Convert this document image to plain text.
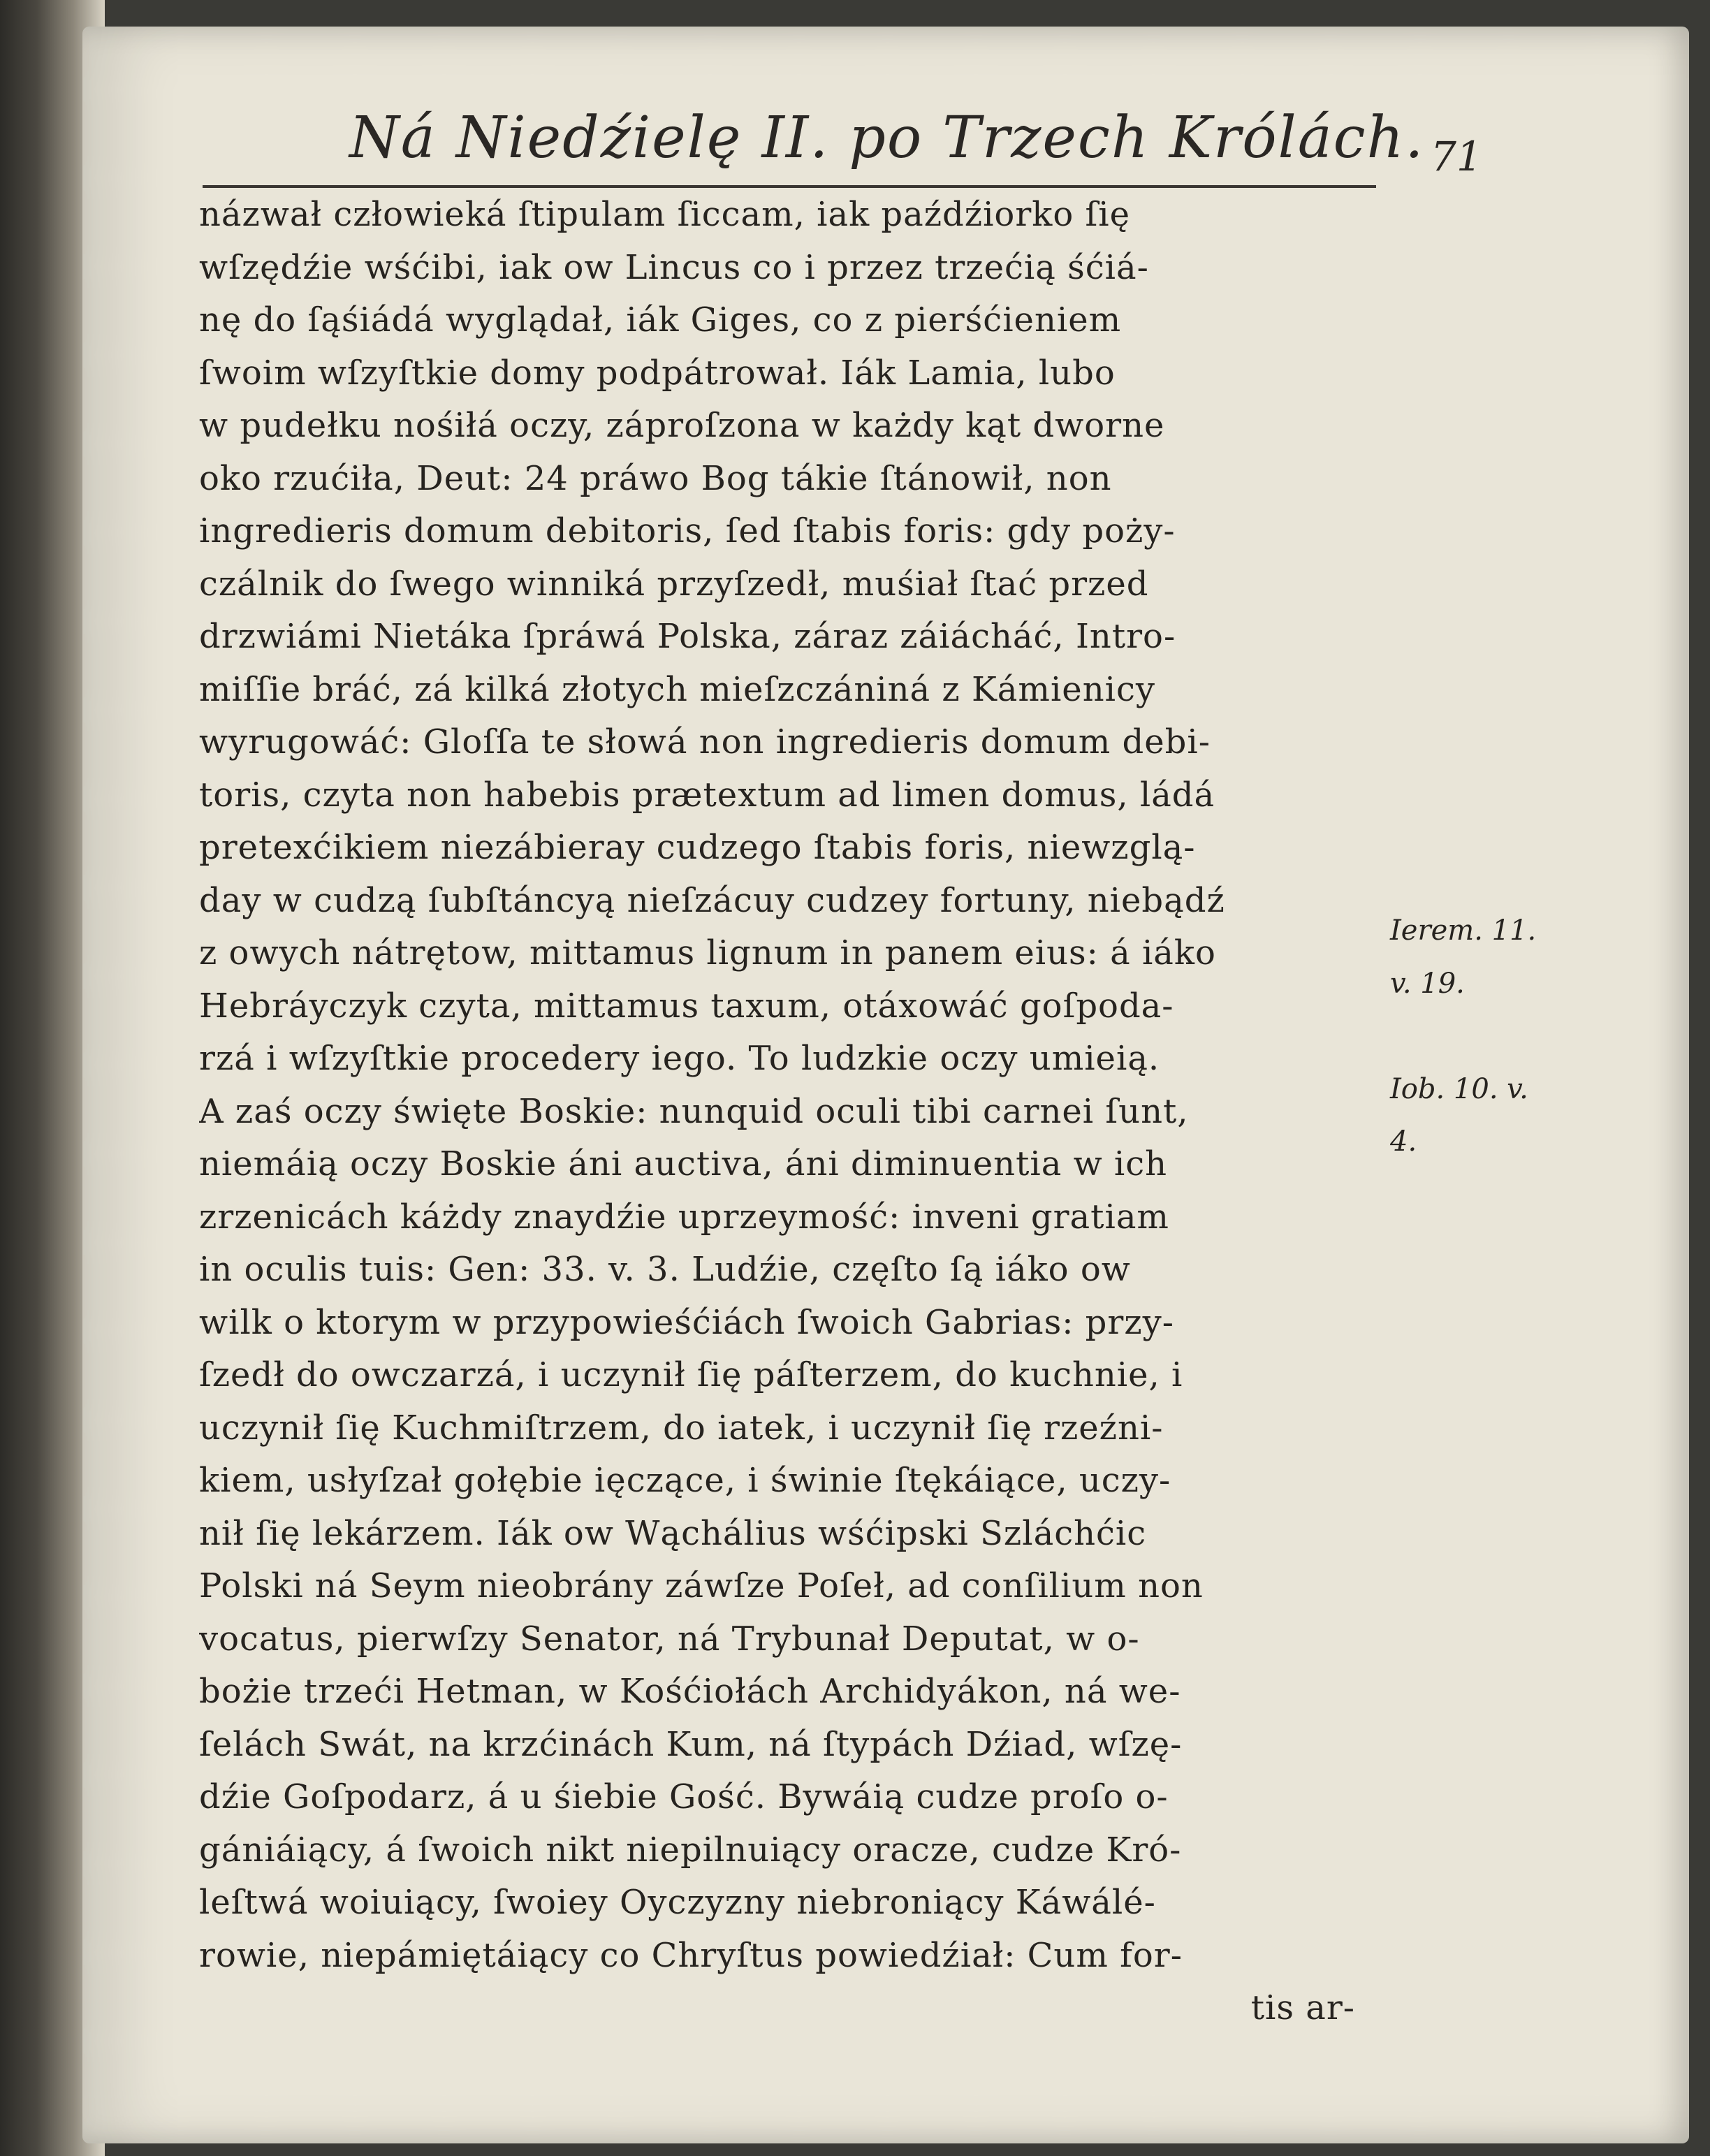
Ná Niedźielę II. po Trzech Królách. 71
názwał człowieká ſtipulam ſiccam, iak paźdźiorko ſię
wſzędźie wśćibi, iak ow Lincus co i przez trzećią śćiá-
nę do ſąśiádá wyglądał, iák Giges, co z pierśćieniem
ſwoim wſzyſtkie domy podpátrował. Iák Lamia, lubo
w pudełku nośiłá oczy, záproſzona w każdy kąt dworne
oko rzućiła, Deut: 24 práwo Bog tákie ſtánowił, non
ingredieris domum debitoris, ſed ſtabis foris: gdy poży-
czálnik do ſwego winniká przyſzedł, muśiał ſtać przed
drzwiámi Nietáka ſpráwá Polska, záraz záiácháć, Intro-
miſſie bráć, zá kilká złotych mieſzczániná z Kámienicy
wyrugowáć: Gloſſa te słowá non ingredieris domum debi-
toris, czyta non habebis prætextum ad limen domus, ládá
pretexćikiem niezábieray cudzego ſtabis foris, niewzglą-
day w cudzą ſubſtáncyą nieſzácuy cudzey fortuny, niebądź
z owych nátrętow, mittamus lignum in panem eius: á iáko
Hebráyczyk czyta, mittamus taxum, otáxowáć goſpoda-
rzá i wſzyſtkie procedery iego. To ludzkie oczy umieią.
A zaś oczy święte Boskie: nunquid oculi tibi carnei ſunt,
niemáią oczy Boskie áni auctiva, áni diminuentia w ich
zrzenicách káżdy znaydźie uprzeymość: inveni gratiam
in oculis tuis: Gen: 33. v. 3. Ludźie, częſto ſą iáko ow
wilk o ktorym w przypowieśćiách ſwoich Gabrias: przy-
ſzedł do owczarzá, i uczynił ſię páſterzem, do kuchnie, i
uczynił ſię Kuchmiſtrzem, do iatek, i uczynił ſię rzeźni-
kiem, usłyſzał gołębie ięczące, i świnie ſtękáiące, uczy-
nił ſię lekárzem. Iák ow Wąchálius wśćipski Szláchćic
Polski ná Seym nieobrány záwſze Poſeł, ad conſilium non
vocatus, pierwſzy Senator, ná Trybunał Deputat, w o-
bożie trzeći Hetman, w Kośćiołách Archidyákon, ná we-
ſelách Swát, na krzćinách Kum, ná ſtypách Dźiad, wſzę-
dźie Goſpodarz, á u śiebie Gość. Bywáią cudze proſo o-
gániáiący, á ſwoich nikt niepilnuiący oracze, cudze Kró-
leſtwá woiuiący, ſwoiey Oyczyzny niebroniący Káwálé-
rowie, niepámiętáiący co Chryſtus powiedźiał: Cum for-
tis ar-
Ierem. 11.
v. 19.
Iob. 10. v.
4.
